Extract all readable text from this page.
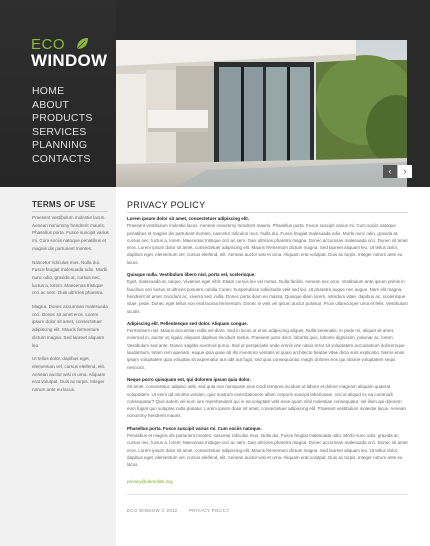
ECO
WINDOW
HOME
ABOUT
PRODUCTS
SERVICES
PLANNING
CONTACTS
‹	›
TERMS OF USE

Praesent vestibulum molestie lacus. Aenean nonummy hendrerit mauris. Phasellus porta. Fusce suscipit varius mi. Cum sociis natoque penatibus et magnis dis parturient montes.

Nascetur ridiculus mus. Nulla dui. Fusce feugiat malesuada odio. Morbi nunc odio, gravida at, cursus nec, luctus a, lorem. Maecenas tristique orci ac sem. Duis ultricies pharetra.

Magna. Donec accumsan malesuada orci. Donec sit amet eros. Lorem ipsum dolor sit amet, consectetuer adipiscing elit. Mauris fermentum dictum magna. Sed laoreet aliquam leo.

Ut tellus dolor, dapibus eget, elementum vel, cursus eleifend, elit. Aenean auctor wisi et urna. Aliquam erat volutpat. Duis ac turpis. Integer rutrum ante eu lacus.

PRIVACY POLICY

Lorem ipsum dolor sit amet, consectetuer adipiscing elit.
Praesent vestibulum molestie lacus. Aenean nonummy hendrerit mauris. Phasellus porta. Fusce suscipit varius mi. Cum sociis natoque penatibus et magnis dis parturient montes, nascetur ridiculus mus. Nulla dui. Fusce feugiat malesuada odio. Morbi nunc odio, gravida at, cursus nec, luctus a, lorem. Maecenas tristique orci ac sem. Duis ultricies pharetra magna. Donec accumsan malesuada orci. Donec sit amet eros. Lorem ipsum dolor sit amet, consectetuer adipiscing elit. Mauris fermentum dictum magna. Sed laoreet aliquam leo. Ut tellus dolor, dapibus eget, elementum vel, cursus eleifend, elit. Aenean auctor wisi et urna. Aliquam erat volutpat. Duis ac turpis. Integer rutrum ante eu lacus.

Quisque nulla. Vestibulum libero nisl, porta vel, scelerisque.
Eget, malesuada at, neque. Vivamus eget nibh. Etiam cursus leo vel metus. Nulla facilisi. Aenean nec eros. Vestibulum ante ipsum primis in faucibus orci luctus et ultrices posuere cubilia Curae; Suspendisse sollicitudin velit sed leo. Ut pharetra augue nec augue. Nam elit magna, hendrerit sit amet, tincidunt ac, viverra sed, nulla. Donec porta diam eu massa. Quisque diam lorem, interdum vitae, dapibus ac, scelerisque vitae, pede. Donec eget tellus non erat lacinia fermentum. Donec in velit vel ipsum auctor pulvinar. Proin ullamcorper urna et felis. Vestibulum iaculis.

Adipiscing elit. Pellentesque sed dolor. Aliquam congue.
Fermentum nisl. Mauris accumsan nulla vel diam. Sed in lacus ut enim adipiscing aliquet. Nulla venenatis. In pede mi, aliquet sit amet, euismod in, auctor ut, ligula. Aliquam dapibus tincidunt metus. Praesent justo dolor, lobortis quis, lobortis dignissim, pulvinar ac, lorem. Vestibulum sed ante. Donec sagittis euismod purus. Sed ut perspiciatis unde omnis iste natus error sit voluptatem accusantium doloremque laudantium, totam rem aperiam, eaque ipsa quae ab illo inventore veritatis et quasi architecto beatae vitae dicta sunt explicabo. Nemo enim ipsam voluptatem quia voluptas sit aspernatur aut odit aut fugit, sed quia consequuntur magni dolores eos qui ratione voluptatem sequi nesciunt.

Neque porro quisquam est, qui dolorem ipsum quia dolor.
Sit amet, consectetur, adipisci velit, sed quia non numquam eius modi tempora incidunt ut labore et dolore magnam aliquam quaerat voluptatem. Ut enim ad minima veniam, quis nostrum exercitationem ullam corporis suscipit laboriosam, nisi ut aliquid ex ea commodi consequatur? Quis autem vel eum iure reprehenderit qui in ea voluptate velit esse quam nihil molestiae consequatur, vel illum qui dolorem eum fugiat quo voluptas nulla pariatur. Lorem ipsum dolor sit amet, consectetuer adipiscing elit. Praesent vestibulum molestie lacus. Aenean nonummy hendrerit mauris.

Phasellus porta. Fusce suscipit varius mi. Cum sociis natoque.
Penatibus et magnis dis parturient montes, nascetur ridiculus mus. Nulla dui. Fusce feugiat malesuada odio. Morbi nunc odio, gravida at, cursus nec, luctus a, lorem. Maecenas tristique orci ac sem. Duis ultricies pharetra magna. Donec accumsan malesuada orci. Donec sit amet eros. Lorem ipsum dolor sit amet, consectetuer adipiscing elit. Mauris fermentum dictum magna. Sed laoreet aliquam leo. Ut tellus dolor, dapibus eget, elementum vel, cursus eleifend, elit. Aenean auctor wisi et urna. Aliquam erat volutpat. Duis ac turpis. Integer rutrum ante eu lacus.

privacy@demolink.org
ECO WINDOW © 2012	PRIVACY POLICY
